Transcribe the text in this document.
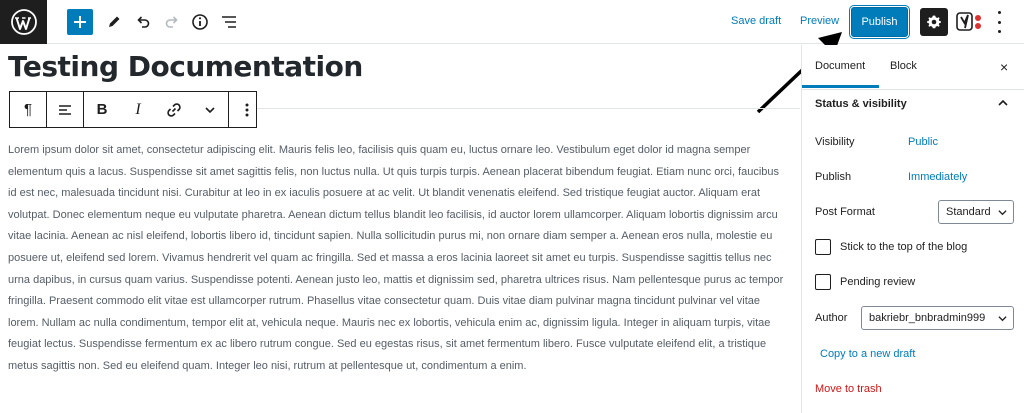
Save draft Preview	Publish
Testing Documentation
¶	B	I

Lorem ipsum dolor sit amet, consectetur adipiscing elit. Mauris felis leo, facilisis quis quam eu, luctus ornare leo. Vestibulum eget dolor id magna semper elementum quis a lacus. Suspendisse sit amet sagittis felis, non luctus nulla. Ut quis turpis turpis. Aenean placerat bibendum feugiat. Etiam nunc orci, faucibus id est nec, malesuada tincidunt nisi. Curabitur at leo in ex iaculis posuere at ac velit. Ut blandit venenatis eleifend. Sed tristique feugiat auctor. Aliquam erat volutpat. Donec elementum neque eu vulputate pharetra. Aenean dictum tellus blandit leo facilisis, id auctor lorem ullamcorper. Aliquam lobortis dignissim arcu vitae lacinia. Aenean ac nisl eleifend, lobortis libero id, tincidunt sapien. Nulla sollicitudin purus mi, non ornare diam semper a. Aenean eros nulla, molestie eu posuere ut, eleifend sed lorem. Vivamus hendrerit vel quam ac fringilla. Sed et massa a eros lacinia laoreet sit amet eu turpis. Suspendisse sagittis tellus nec urna dapibus, in cursus quam varius. Suspendisse potenti. Aenean justo leo, mattis et dignissim sed, pharetra ultrices risus. Nam pellentesque purus ac tempor fringilla. Praesent commodo elit vitae est ullamcorper rutrum. Phasellus vitae consectetur quam. Duis vitae diam pulvinar magna tincidunt pulvinar vel vitae lorem. Nullam ac nulla condimentum, tempor elit at, vehicula neque. Mauris nec ex lobortis, vehicula enim ac, dignissim ligula. Integer in aliquam turpis, vitae feugiat lectus. Suspendisse fermentum ex ac libero rutrum congue. Sed eu egestas risus, sit amet fermentum libero. Fusce vulputate eleifend elit, a tristique metus sagittis non. Sed eu eleifend quam. Integer leo nisi, rutrum at pellentesque ut, condimentum a enim.

Document Block	×
Status & visibility
Visibility	Public
Publish	Immediately
Post Format	Standard
Stick to the top of the blog
Pending review
Author bakriebr_bnbradmin999
Copy to a new draft
Move to trash
